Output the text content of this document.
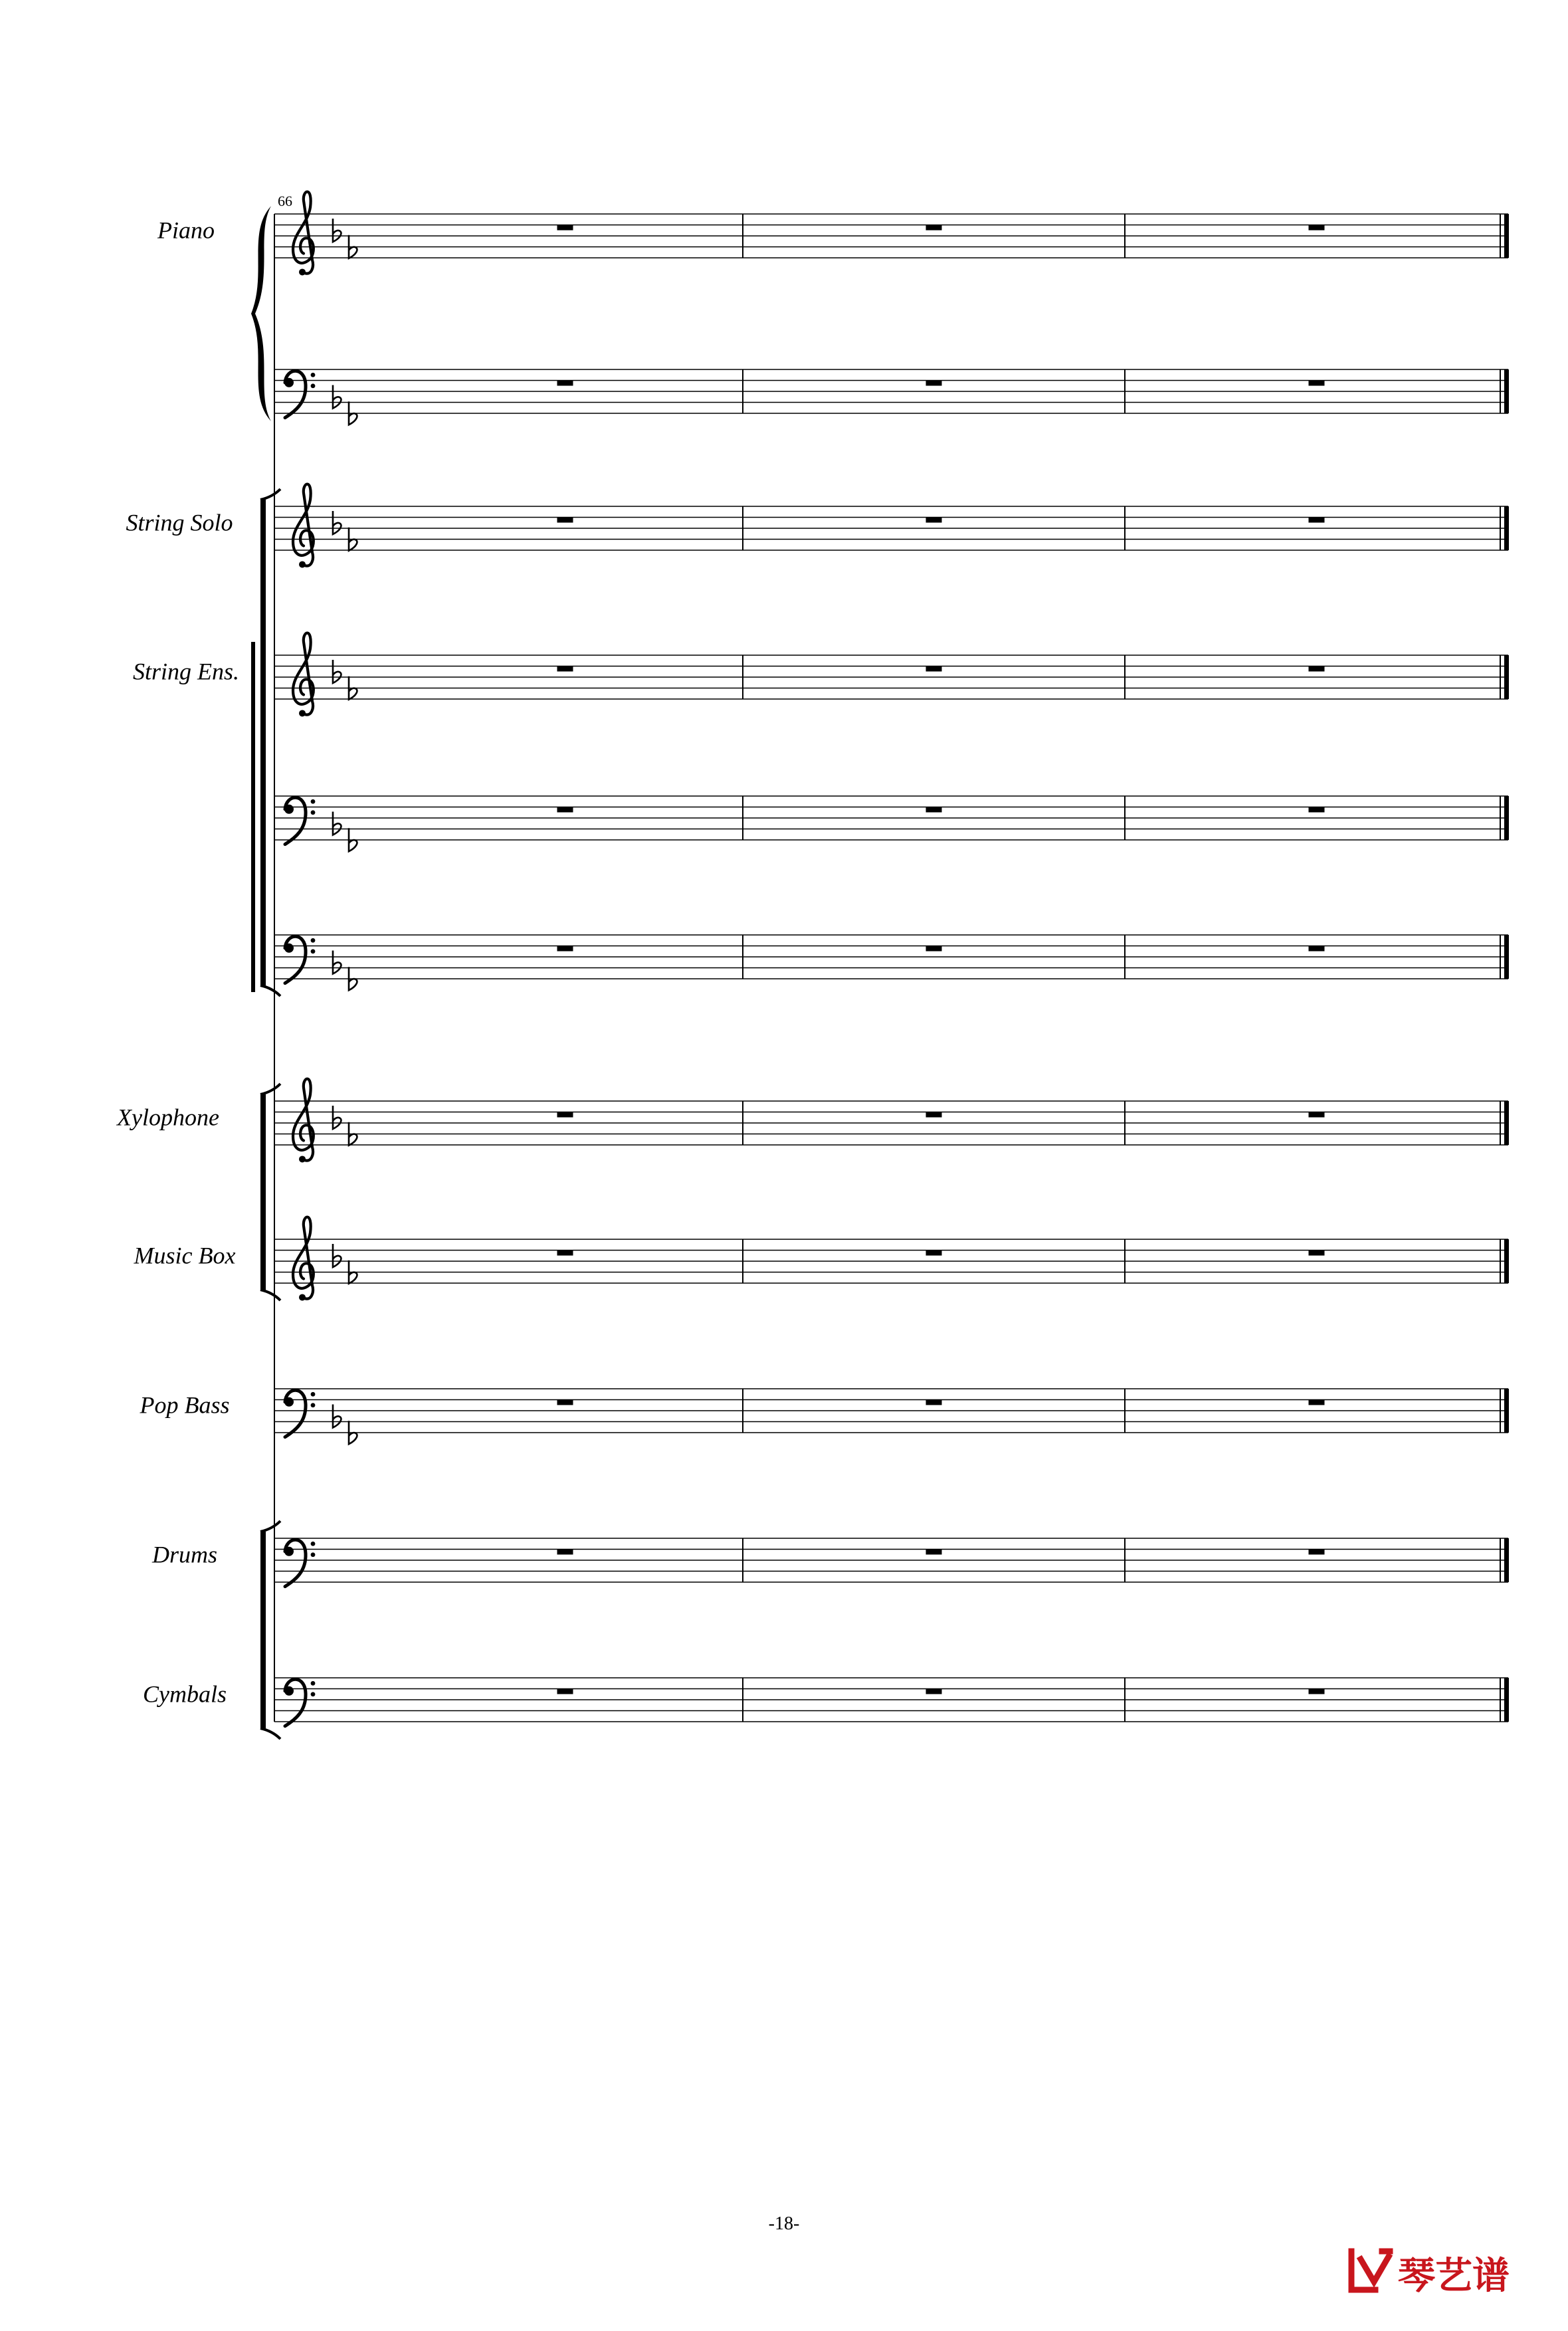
Piano
String Solo
String Ens.
Xylophone
Music Box
Pop Bass
Drums
Cymbals
66
-18-
琴艺谱
